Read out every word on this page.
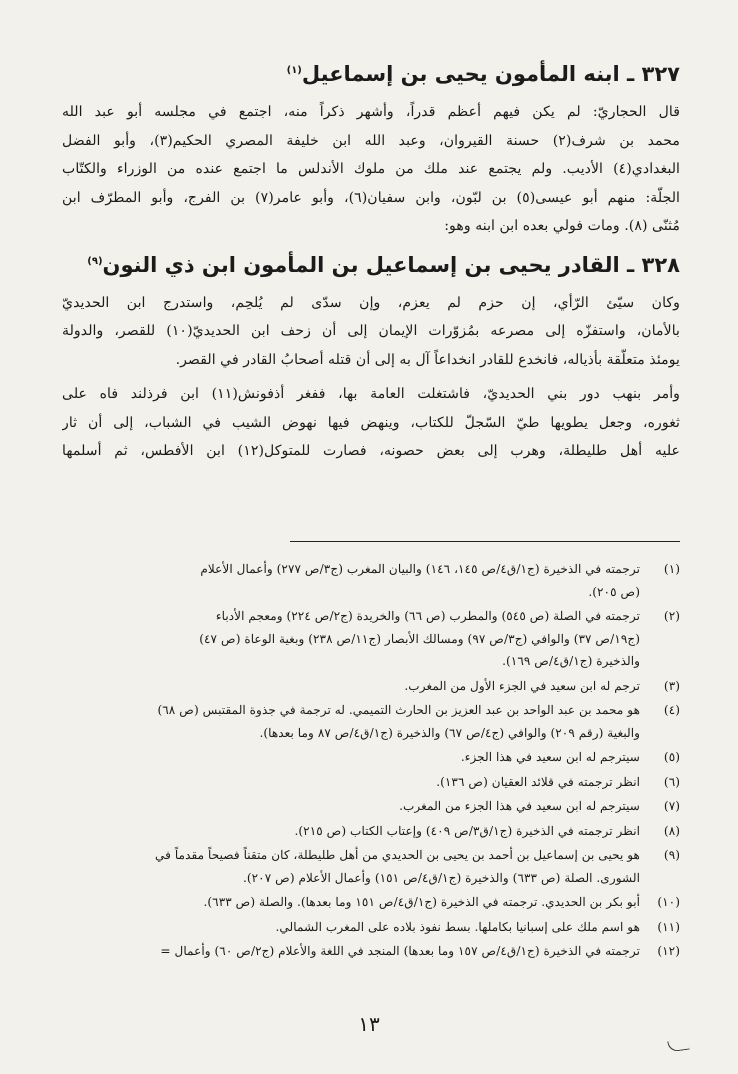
٣٢٧ ـ ابنه المأمون يحيى بن إسماعيل$^{(١)}$
قال الحجاريّ: لم يكن فيهم أعظم قدراً، وأشهر ذكراً منه، اجتمع في مجلسه أبو عبد الله
محمد بن شرف(٢) حسنة القيروان، وعبد الله ابن خليفة المصري الحكيم(٣)، وأبو الفضل
البغدادي(٤) الأديب. ولم يجتمع عند ملك من ملوك الأندلس ما اجتمع عنده من الوزراء والكتّاب
الجلّة: منهم أبو عيسى(٥) بن لبّون، وابن سفيان(٦)، وأبو عامر(٧) بن الفرج، وأبو المطرّف ابن
مُثنّى (٨). ومات فولي بعده ابن ابنه وهو:
٣٢٨ ـ القادر يحيى بن إسماعيل بن المأمون ابن ذي النون$^{(٩)}$
وكان سيّئ الرّأي، إن حزم لم يعزم، وإن سدّى لم يُلحِم، واستدرج ابن الحديديّ
بالأمان، واستفزّه إلى مصرعه بمُزوّرات الإيمان إلى أن زحف ابن الحديديّ(١٠) للقصر، والدولة
يومئذ متعلّقة بأذياله، فانخدع للقادر انخداعاً آل به إلى أن قتله أصحابُ القادر في القصر.
وأمر بنهب دور بني الحديديّ، فاشتغلت العامة بها، ففغر أذفونش(١١) ابن فرذلند فاه على
ثغوره، وجعل يطويها طيّ السّجلّ للكتاب، وينهض فيها نهوض الشيب في الشباب، إلى أن ثار
عليه أهل طليطلة، وهرب إلى بعض حصونه، فصارت للمتوكل(١٢) ابن الأفطس، ثم أسلمها
(١)
ترجمته في الذخيرة (ج١/ق٤/ص ١٤٥، ١٤٦) والبيان المغرب (ج٣/ص ٢٧٧) وأعمال الأعلام
(ص ٢٠٥).
(٢)
ترجمته في الصلة (ص ٥٤٥) والمطرب (ص ٦٦) والخريدة (ج٢/ص ٢٢٤) ومعجم الأدباء
(ج١٩/ص ٣٧) والوافي (ج٣/ص ٩٧) ومسالك الأبصار (ج١١/ص ٢٣٨) وبغية الوعاة (ص ٤٧)
والذخيرة (ج١/ق٤/ص ١٦٩).
(٣)
ترجم له ابن سعيد في الجزء الأول من المغرب.
(٤)
هو محمد بن عبد الواحد بن عبد العزيز بن الحارث التميمي. له ترجمة في جذوة المقتبس (ص ٦٨)
والبغية (رقم ٢٠٩) والوافي (ج٤/ص ٦٧) والذخيرة (ج١/ق٤/ص ٨٧ وما بعدها).
(٥)
سيترجم له ابن سعيد في هذا الجزء.
(٦)
انظر ترجمته في قلائد العقيان (ص ١٣٦).
(٧)
سيترجم له ابن سعيد في هذا الجزء من المغرب.
(٨)
انظر ترجمته في الذخيرة (ج١/ق٣/ص ٤٠٩) وإعتاب الكتاب (ص ٢١٥).
(٩)
هو يحيى بن إسماعيل بن أحمد بن يحيى بن الحديدي من أهل طليطلة، كان متقناً فصيحاً مقدماً في
الشورى. الصلة (ص ٦٣٣) والذخيرة (ج١/ق٤/ص ١٥١) وأعمال الأعلام (ص ٢٠٧).
(١٠)
أبو بكر بن الحديدي. ترجمته في الذخيرة (ج١/ق٤/ص ١٥١ وما بعدها). والصلة (ص ٦٣٣).
(١١)
هو اسم ملك على إسبانيا بكاملها. بسط نفوذ بلاده على المغرب الشمالي.
(١٢)
ترجمته في الذخيرة (ج١/ق٤/ص ١٥٧ وما بعدها) المنجد في اللغة والأعلام (ج٢/ص ٦٠) وأعمال =
١٣
